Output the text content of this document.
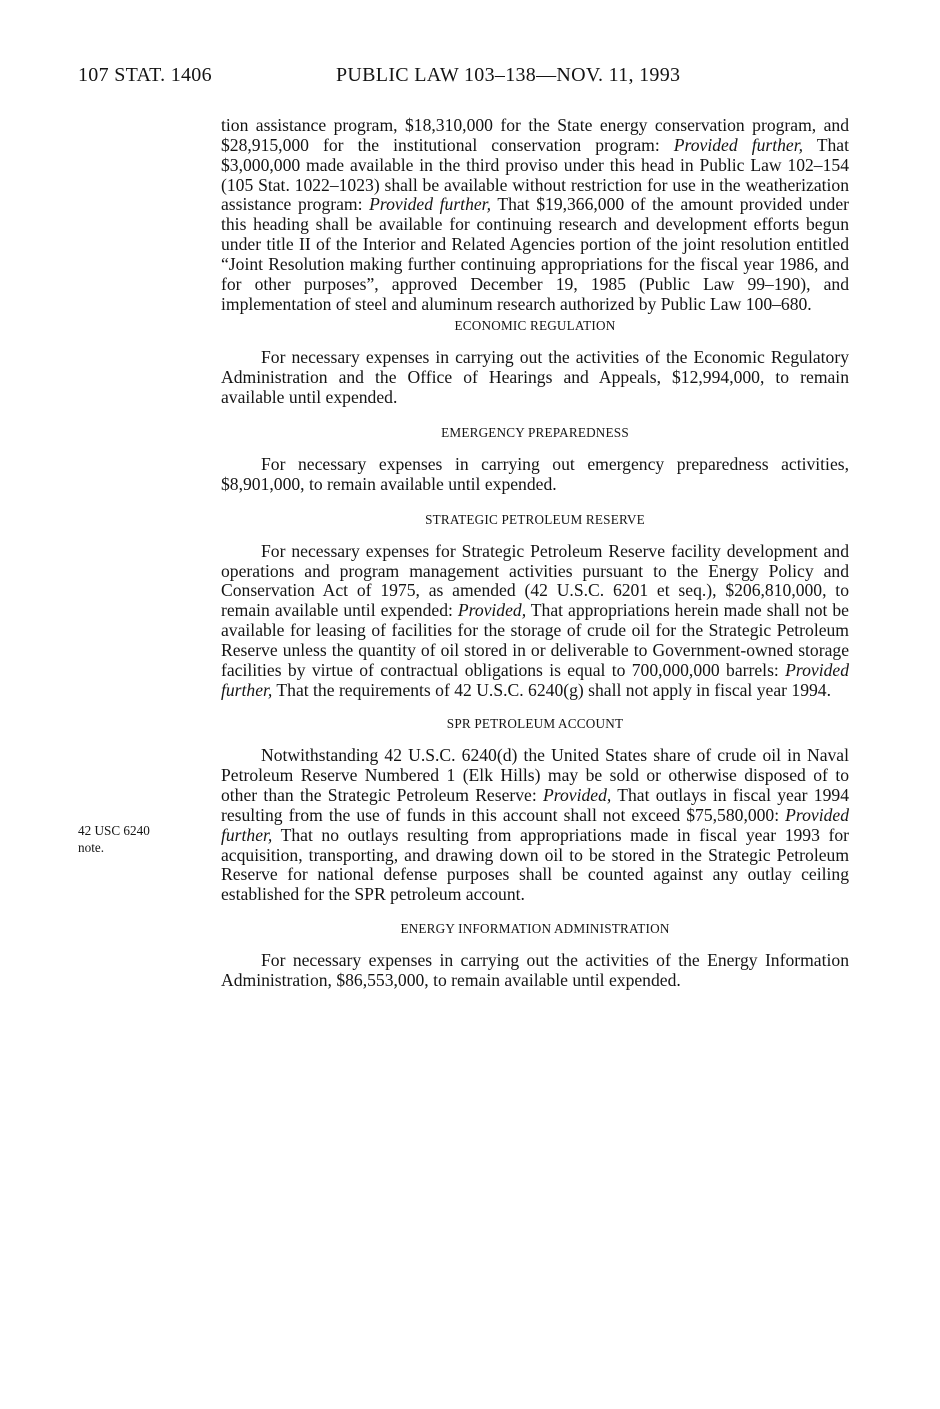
107 STAT. 1406	PUBLIC LAW 103–138—NOV. 11, 1993
42 USC 6240
note.

tion assistance program, $18,310,000 for the State energy conservation program, and $28,915,000 for the institutional conservation program: Provided further, That $3,000,000 made available in the third proviso under this head in Public Law 102–154 (105 Stat. 1022–1023) shall be available without restriction for use in the weatherization assistance program: Provided further, That $19,366,000 of the amount provided under this heading shall be available for continuing research and development efforts begun under title II of the Interior and Related Agencies portion of the joint resolution entitled “Joint Resolution making further continuing appropriations for the fiscal year 1986, and for other purposes”, approved December 19, 1985 (Public Law 99–190), and implementation of steel and aluminum research authorized by Public Law 100–680.

ECONOMIC REGULATION

For necessary expenses in carrying out the activities of the Economic Regulatory Administration and the Office of Hearings and Appeals, $12,994,000, to remain available until expended.

EMERGENCY PREPAREDNESS

For necessary expenses in carrying out emergency preparedness activities, $8,901,000, to remain available until expended.

STRATEGIC PETROLEUM RESERVE

For necessary expenses for Strategic Petroleum Reserve facility development and operations and program management activities pursuant to the Energy Policy and Conservation Act of 1975, as amended (42 U.S.C. 6201 et seq.), $206,810,000, to remain available until expended: Provided, That appropriations herein made shall not be available for leasing of facilities for the storage of crude oil for the Strategic Petroleum Reserve unless the quantity of oil stored in or deliverable to Government-owned storage facilities by virtue of contractual obligations is equal to 700,000,000 barrels: Provided further, That the requirements of 42 U.S.C. 6240(g) shall not apply in fiscal year 1994.

SPR PETROLEUM ACCOUNT

Notwithstanding 42 U.S.C. 6240(d) the United States share of crude oil in Naval Petroleum Reserve Numbered 1 (Elk Hills) may be sold or otherwise disposed of to other than the Strategic Petroleum Reserve: Provided, That outlays in fiscal year 1994 resulting from the use of funds in this account shall not exceed $75,580,000: Provided further, That no outlays resulting from appropriations made in fiscal year 1993 for acquisition, transporting, and drawing down oil to be stored in the Strategic Petroleum Reserve for national defense purposes shall be counted against any outlay ceiling established for the SPR petroleum account.

ENERGY INFORMATION ADMINISTRATION

For necessary expenses in carrying out the activities of the Energy Information Administration, $86,553,000, to remain available until expended.
